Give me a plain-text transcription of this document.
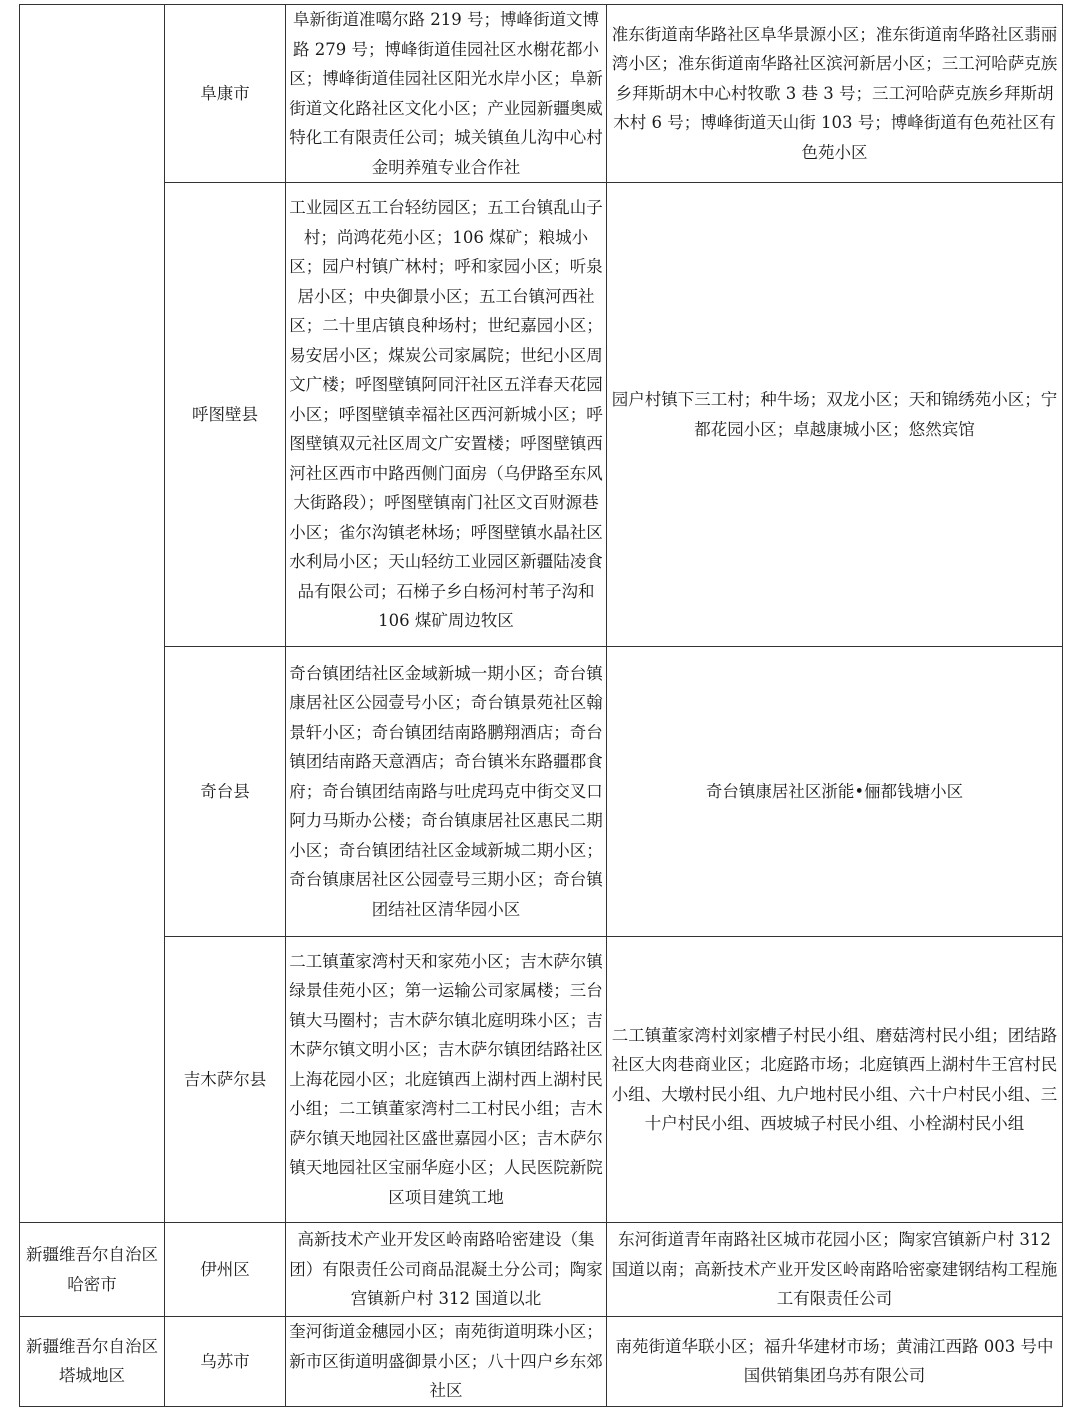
	阜康市	阜新街道准噶尔路 219 号；博峰街道文博路 279 号；博峰街道佳园社区水榭花都小区；博峰街道佳园社区阳光水岸小区；阜新街道文化路社区文化小区；产业园新疆奥威特化工有限责任公司；城关镇鱼儿沟中心村金明养殖专业合作社	准东街道南华路社区阜华景源小区；准东街道南华路社区翡丽湾小区；准东街道南华路社区滨河新居小区；三工河哈萨克族乡拜斯胡木中心村牧歌 3 巷 3 号；三工河哈萨克族乡拜斯胡木村 6 号；博峰街道天山街 103 号；博峰街道有色苑社区有色苑小区
	呼图壁县	工业园区五工台轻纺园区；五工台镇乱山子村；尚鸿花苑小区；106 煤矿；粮城小区；园户村镇广林村；呼和家园小区；听泉居小区；中央御景小区；五工台镇河西社区；二十里店镇良种场村；世纪嘉园小区；易安居小区；煤炭公司家属院；世纪小区周文广楼；呼图壁镇阿同汗社区五洋春天花园小区；呼图壁镇幸福社区西河新城小区；呼图壁镇双元社区周文广安置楼；呼图壁镇西河社区西市中路西侧门面房（乌伊路至东风大街路段）；呼图壁镇南门社区文百财源巷小区；雀尔沟镇老林场；呼图壁镇水晶社区水利局小区；天山轻纺工业园区新疆陆凌食品有限公司；石梯子乡白杨河村苇子沟和 106 煤矿周边牧区	园户村镇下三工村；种牛场；双龙小区；天和锦绣苑小区；宁都花园小区；卓越康城小区；悠然宾馆
	奇台县	奇台镇团结社区金域新城一期小区；奇台镇康居社区公园壹号小区；奇台镇景苑社区翰景轩小区；奇台镇团结南路鹏翔酒店；奇台镇团结南路天意酒店；奇台镇米东路疆郡食府；奇台镇团结南路与吐虎玛克中街交叉口阿力马斯办公楼；奇台镇康居社区惠民二期小区；奇台镇团结社区金域新城二期小区；奇台镇康居社区公园壹号三期小区；奇台镇团结社区清华园小区	奇台镇康居社区浙能•俪都钱塘小区
	吉木萨尔县	二工镇董家湾村天和家苑小区；吉木萨尔镇绿景佳苑小区；第一运输公司家属楼；三台镇大马圈村；吉木萨尔镇北庭明珠小区；吉木萨尔镇文明小区；吉木萨尔镇团结路社区上海花园小区；北庭镇西上湖村西上湖村民小组；二工镇董家湾村二工村民小组；吉木萨尔镇天地园社区盛世嘉园小区；吉木萨尔镇天地园社区宝丽华庭小区；人民医院新院区项目建筑工地	二工镇董家湾村刘家槽子村民小组、磨菇湾村民小组；团结路社区大肉巷商业区；北庭路市场；北庭镇西上湖村牛王宫村民小组、大墩村民小组、九户地村民小组、六十户村民小组、三十户村民小组、西坡城子村民小组、小栓湖村民小组
新疆维吾尔自治区哈密市	伊州区	高新技术产业开发区岭南路哈密建设（集团）有限责任公司商品混凝土分公司；陶家宫镇新户村 312 国道以北	东河街道青年南路社区城市花园小区；陶家宫镇新户村 312 国道以南；高新技术产业开发区岭南路哈密豪建钢结构工程施工有限责任公司
新疆维吾尔自治区塔城地区	乌苏市	奎河街道金穗园小区；南苑街道明珠小区；新市区街道明盛御景小区；八十四户乡东郊社区	南苑街道华联小区；福升华建材市场；黄浦江西路 003 号中国供销集团乌苏有限公司
